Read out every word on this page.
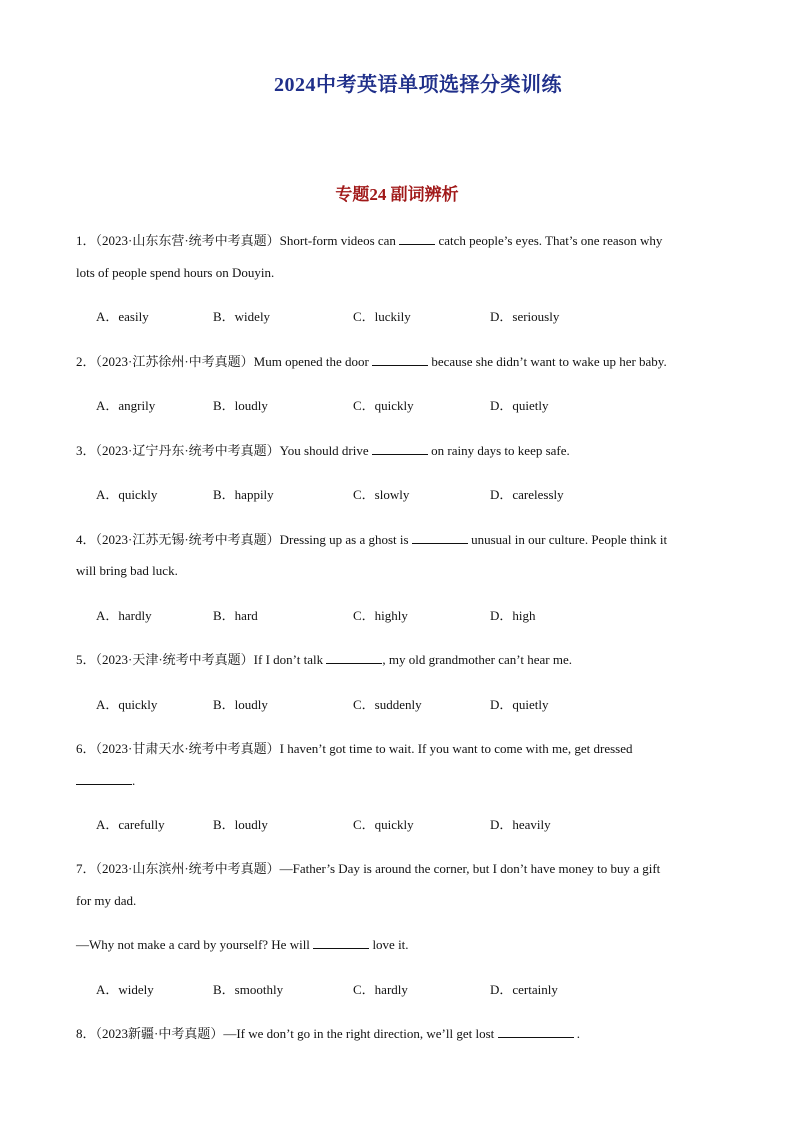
2024中考英语单项选择分类训练
专题24 副词辨析
1．（2023·山东东营·统考中考真题）Short-form videos can	catch people’s eyes. That’s one reason why
lots of people spend hours on Douyin.
A．easily	B．widely	C．luckily	D．seriously
2．（2023·江苏徐州·中考真题）Mum opened the door	because she didn’t want to wake up her baby.
A．angrily	B．loudly	C．quickly	D．quietly
3．（2023·辽宁丹东·统考中考真题）You should drive	on rainy days to keep safe.
A．quickly	B．happily	C．slowly	D．carelessly
4．（2023·江苏无锡·统考中考真题）Dressing up as a ghost is	unusual in our culture. People think it
will bring bad luck.
A．hardly	B．hard	C．highly	D．high
5．（2023·天津·统考中考真题）If I don’t talk	, my old grandmother can’t hear me.
A．quickly	B．loudly	C．suddenly	D．quietly
6．（2023·甘肃天水·统考中考真题）I haven’t got time to wait. If you want to come with me, get dressed
.
A．carefully	B．loudly	C．quickly	D．heavily
7．（2023·山东滨州·统考中考真题）—Father’s Day is around the corner, but I don’t have money to buy a gift
for my dad.
—Why not make a card by yourself? He will	love it.
A．widely	B．smoothly	C．hardly	D．certainly
8．（2023新疆·中考真题）—If we don’t go in the right direction, we’ll get lost	.
